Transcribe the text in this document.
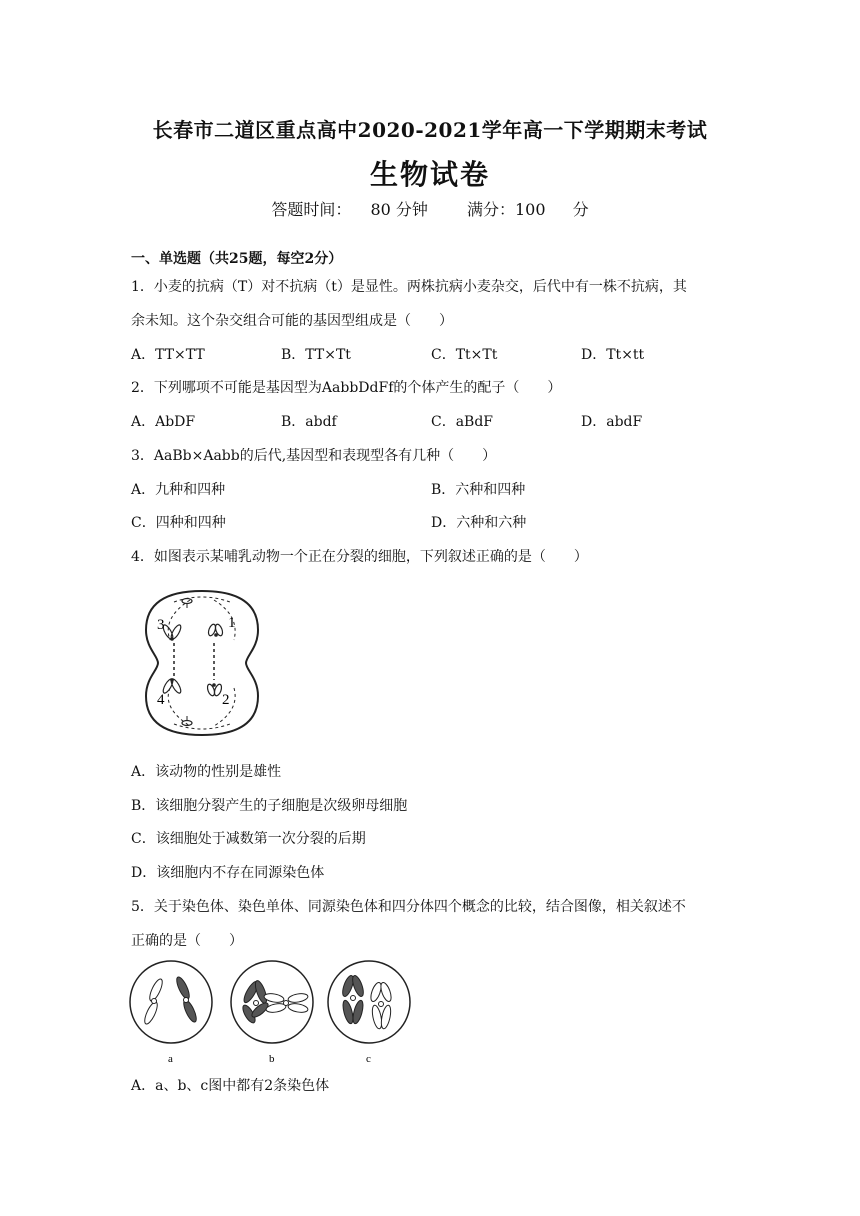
长春市二道区重点高中2020-2021学年高一下学期期末考试
生物试卷
答题时间： 80 分钟 满分：100 分
一、单选题（共25题，每空2分）
1．小麦的抗病（T）对不抗病（t）是显性。两株抗病小麦杂交，后代中有一株不抗病，其
余未知。这个杂交组合可能的基因型组成是（　　）
A．TT×TT	B．TT×Tt	C．Tt×Tt	D．Tt×tt
2．下列哪项不可能是基因型为AabbDdFf的个体产生的配子（　　）
A．AbDF	B．abdf	C．aBdF	D．abdF
3．AaBb×Aabb的后代,基因型和表现型各有几种（　　）
A．九种和四种	B．六种和四种
C．四种和四种	D．六种和六种
4．如图表示某哺乳动物一个正在分裂的细胞，下列叙述正确的是（　　）
3	1
4	2
A．该动物的性别是雄性
B．该细胞分裂产生的子细胞是次级卵母细胞
C．该细胞处于减数第一次分裂的后期
D．该细胞内不存在同源染色体
5．关于染色体、染色单体、同源染色体和四分体四个概念的比较，结合图像，相关叙述不
正确的是（　　）
a	b	c
A．a、b、c图中都有2条染色体
